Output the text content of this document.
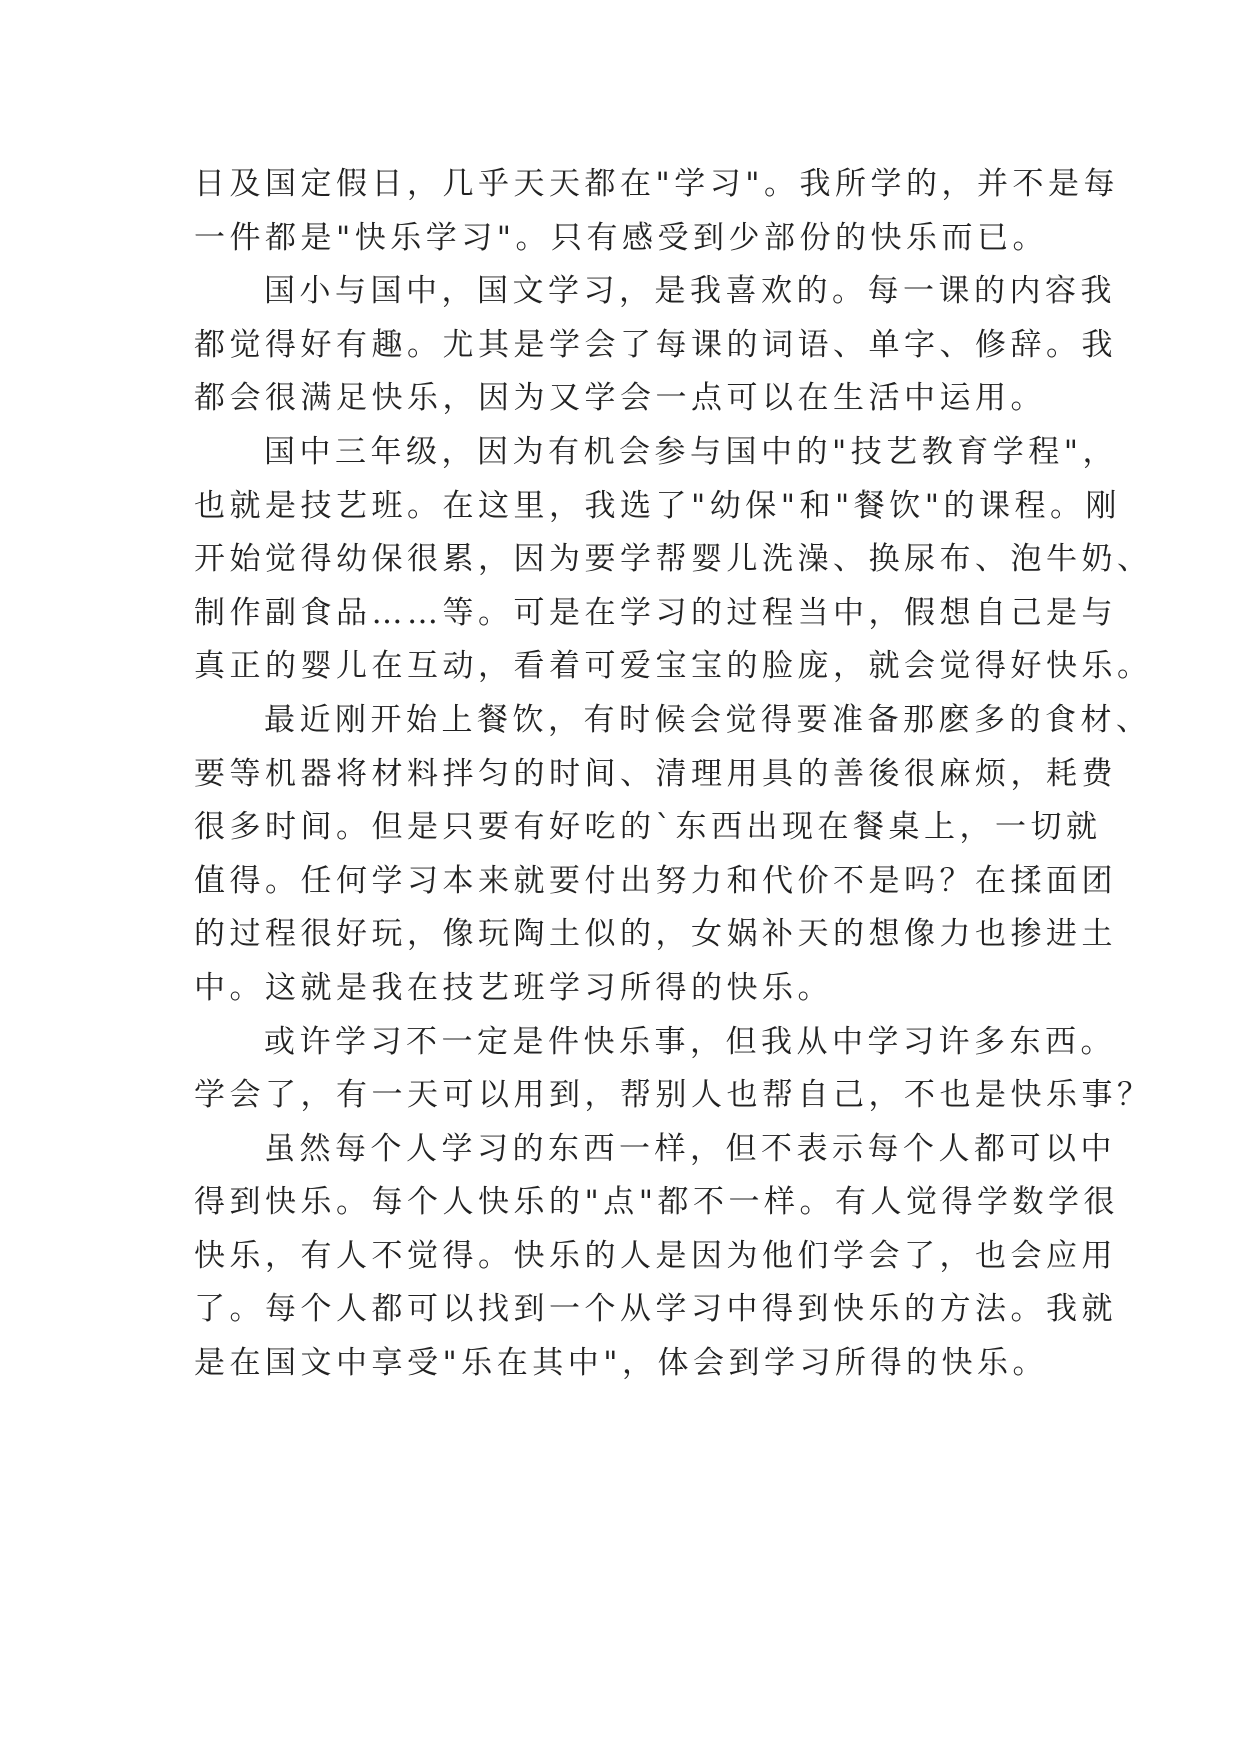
日及国定假日，几乎天天都在"学习"。我所学的，并不是每
一件都是"快乐学习"。只有感受到少部份的快乐而已。
国小与国中，国文学习，是我喜欢的。每一课的内容我
都觉得好有趣。尤其是学会了每课的词语、单字、修辞。我
都会很满足快乐，因为又学会一点可以在生活中运用。
国中三年级，因为有机会参与国中的"技艺教育学程"，
也就是技艺班。在这里，我选了"幼保"和"餐饮"的课程。刚
开始觉得幼保很累，因为要学帮婴儿洗澡、换尿布、泡牛奶、
制作副食品……等。可是在学习的过程当中，假想自己是与
真正的婴儿在互动，看着可爱宝宝的脸庞，就会觉得好快乐。
最近刚开始上餐饮，有时候会觉得要准备那麽多的食材、
要等机器将材料拌匀的时间、清理用具的善後很麻烦，耗费
很多时间。但是只要有好吃的`东西出现在餐桌上，一切就
值得。任何学习本来就要付出努力和代价不是吗？在揉面团
的过程很好玩，像玩陶土似的，女娲补天的想像力也掺进土
中。这就是我在技艺班学习所得的快乐。
或许学习不一定是件快乐事，但我从中学习许多东西。
学会了，有一天可以用到，帮别人也帮自己，不也是快乐事？
虽然每个人学习的东西一样，但不表示每个人都可以中
得到快乐。每个人快乐的"点"都不一样。有人觉得学数学很
快乐，有人不觉得。快乐的人是因为他们学会了，也会应用
了。每个人都可以找到一个从学习中得到快乐的方法。我就
是在国文中享受"乐在其中"，体会到学习所得的快乐。
